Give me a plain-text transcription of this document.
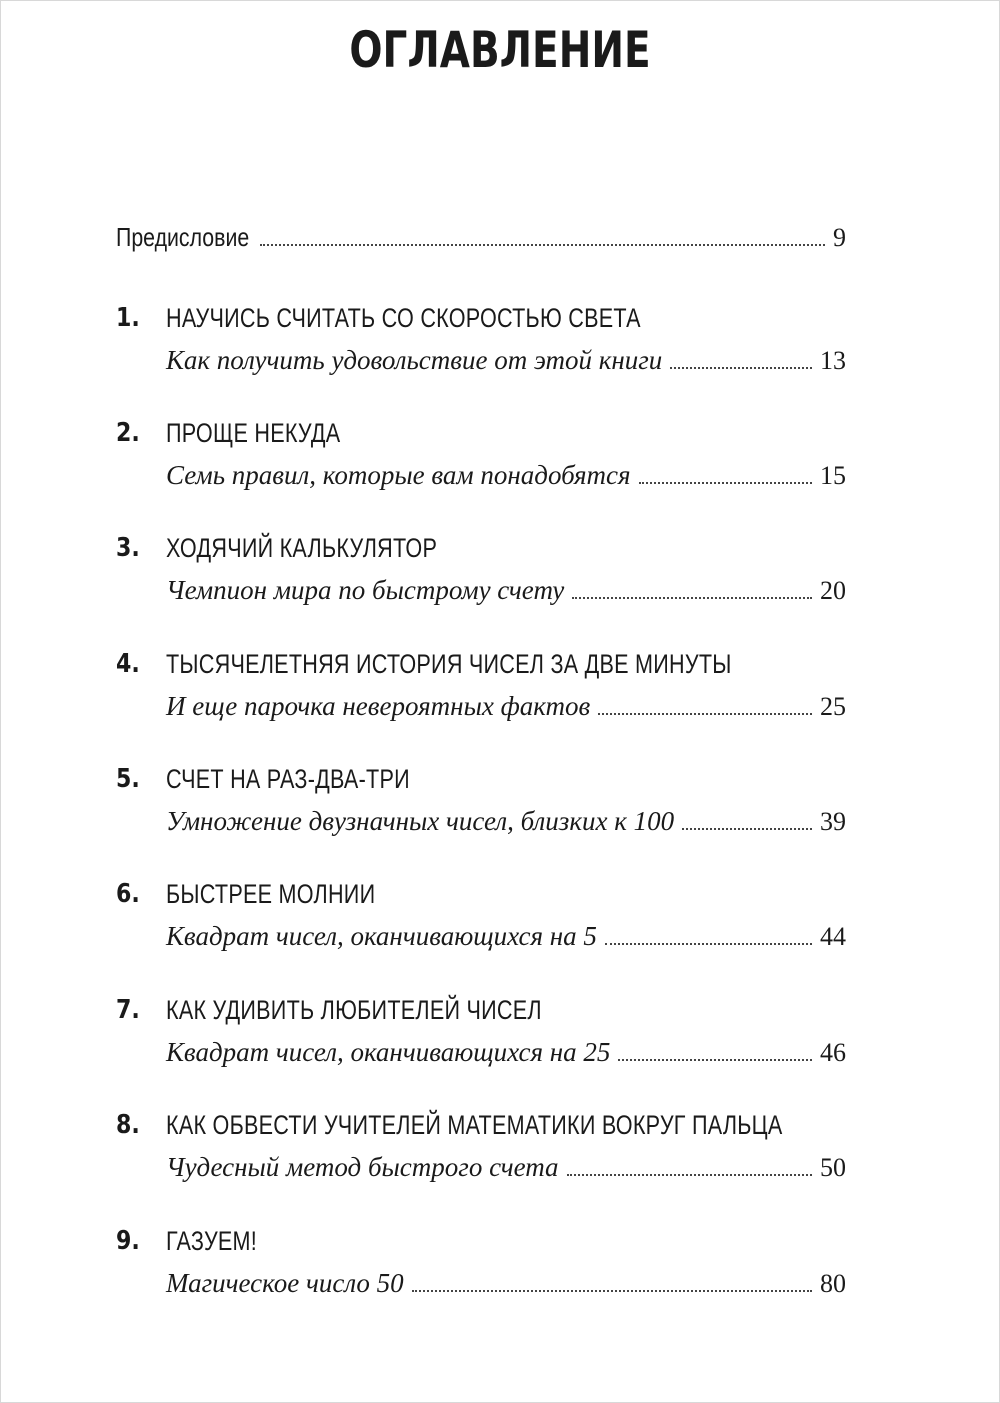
ОГЛАВЛЕНИЕ
Предисловие	9
1. НАУЧИСЬ СЧИТАТЬ СО СКОРОСТЬЮ СВЕТА
Как получить удовольствие от этой книги	13
2. ПРОЩЕ НЕКУДА
Семь правил, которые вам понадобятся	15
3. ХОДЯЧИЙ КАЛЬКУЛЯТОР
Чемпион мира по быстрому счету	20
4. ТЫСЯЧЕЛЕТНЯЯ ИСТОРИЯ ЧИСЕЛ ЗА ДВЕ МИНУТЫ
И еще парочка невероятных фактов	25
5. СЧЕТ НА РАЗ-ДВА-ТРИ
Умножение двузначных чисел, близких к 100	39
6. БЫСТРЕЕ МОЛНИИ
Квадрат чисел, оканчивающихся на 5	44
7. КАК УДИВИТЬ ЛЮБИТЕЛЕЙ ЧИСЕЛ
Квадрат чисел, оканчивающихся на 25	46
8. КАК ОБВЕСТИ УЧИТЕЛЕЙ МАТЕМАТИКИ ВОКРУГ ПАЛЬЦА
Чудесный метод быстрого счета	50
9. ГАЗУЕМ!
Магическое число 50	80
